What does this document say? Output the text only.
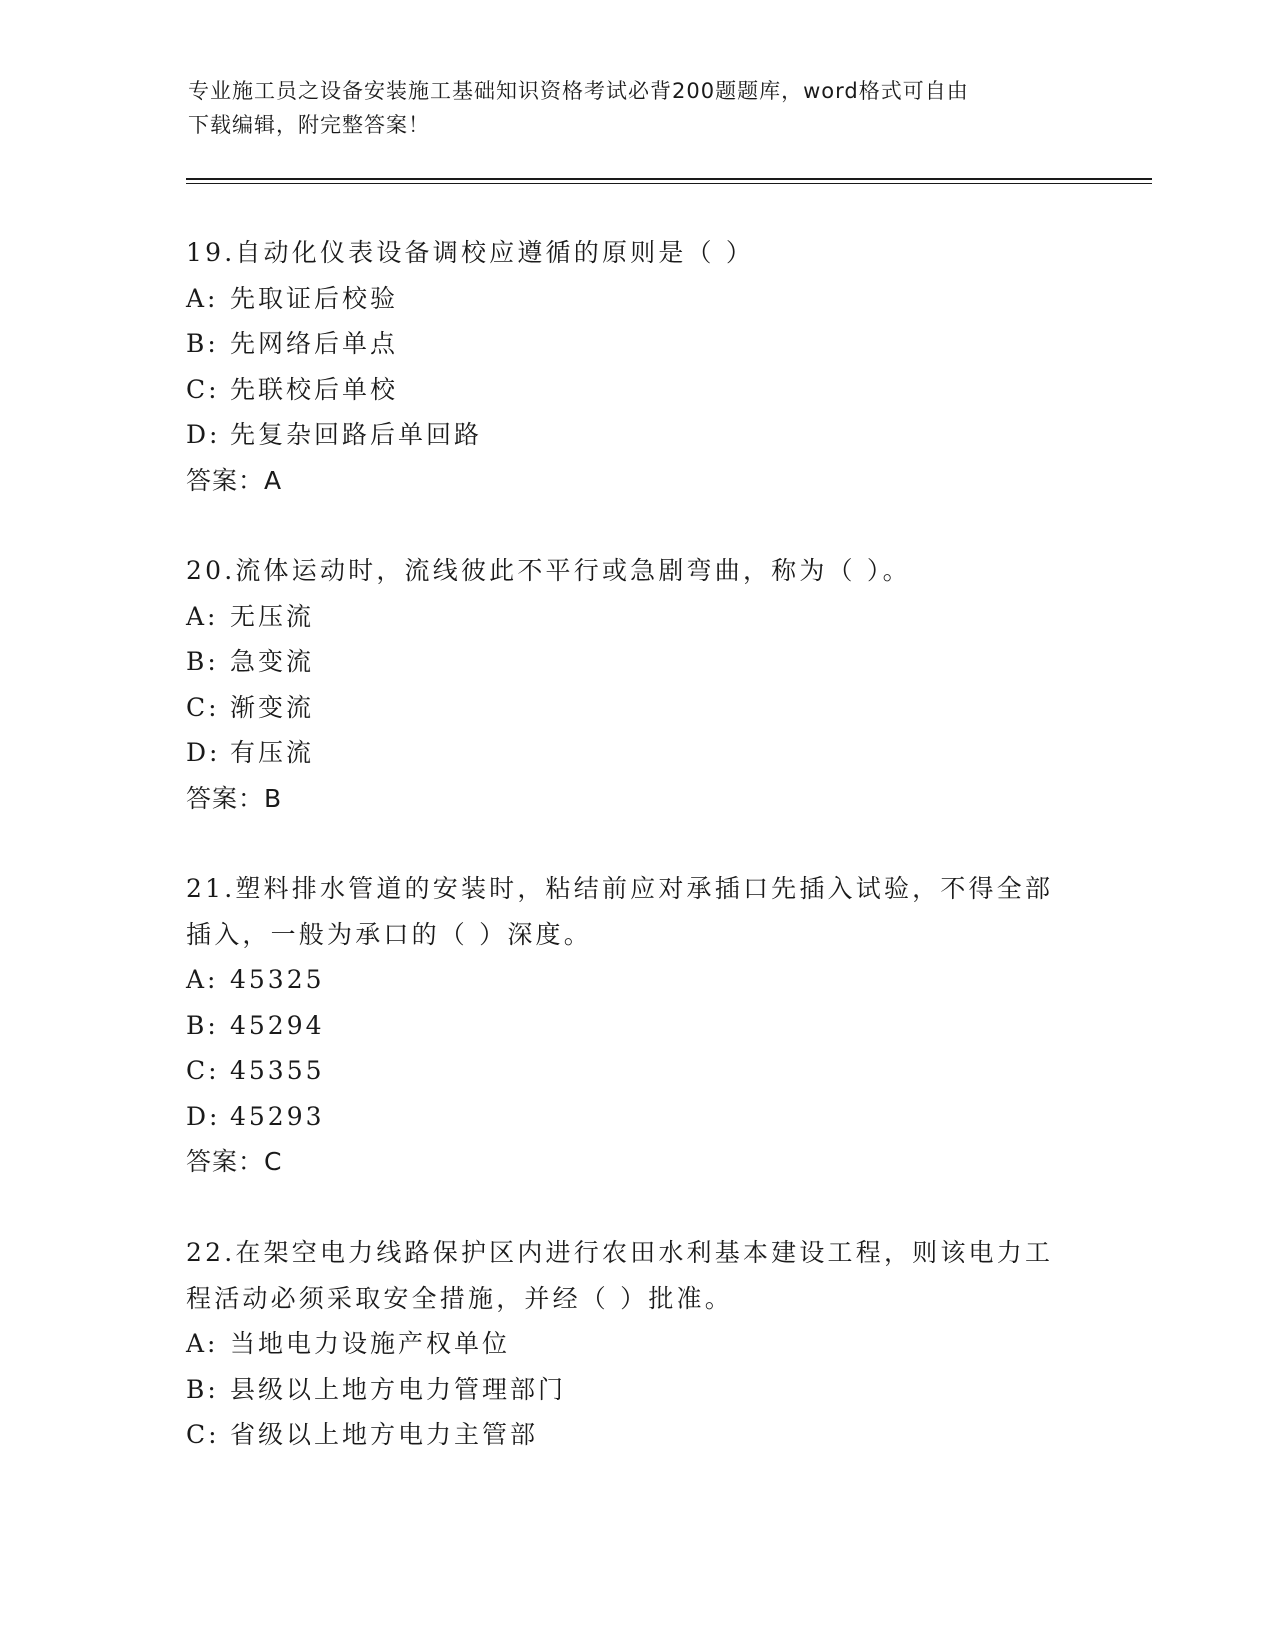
专业施工员之设备安装施工基础知识资格考试必背200题题库，word格式可自由
下载编辑，附完整答案！
19.自动化仪表设备调校应遵循的原则是（ ）
A: 先取证后校验
B: 先网络后单点
C: 先联校后单校
D: 先复杂回路后单回路
答案：A
20.流体运动时，流线彼此不平行或急剧弯曲，称为（ ）。
A: 无压流
B: 急变流
C: 渐变流
D: 有压流
答案：B
21.塑料排水管道的安装时，粘结前应对承插口先插入试验，不得全部
插入，一般为承口的（ ）深度。
A: 45325
B: 45294
C: 45355
D: 45293
答案：C
22.在架空电力线路保护区内进行农田水利基本建设工程，则该电力工
程活动必须采取安全措施，并经（ ）批准。
A: 当地电力设施产权单位
B: 县级以上地方电力管理部门
C: 省级以上地方电力主管部
